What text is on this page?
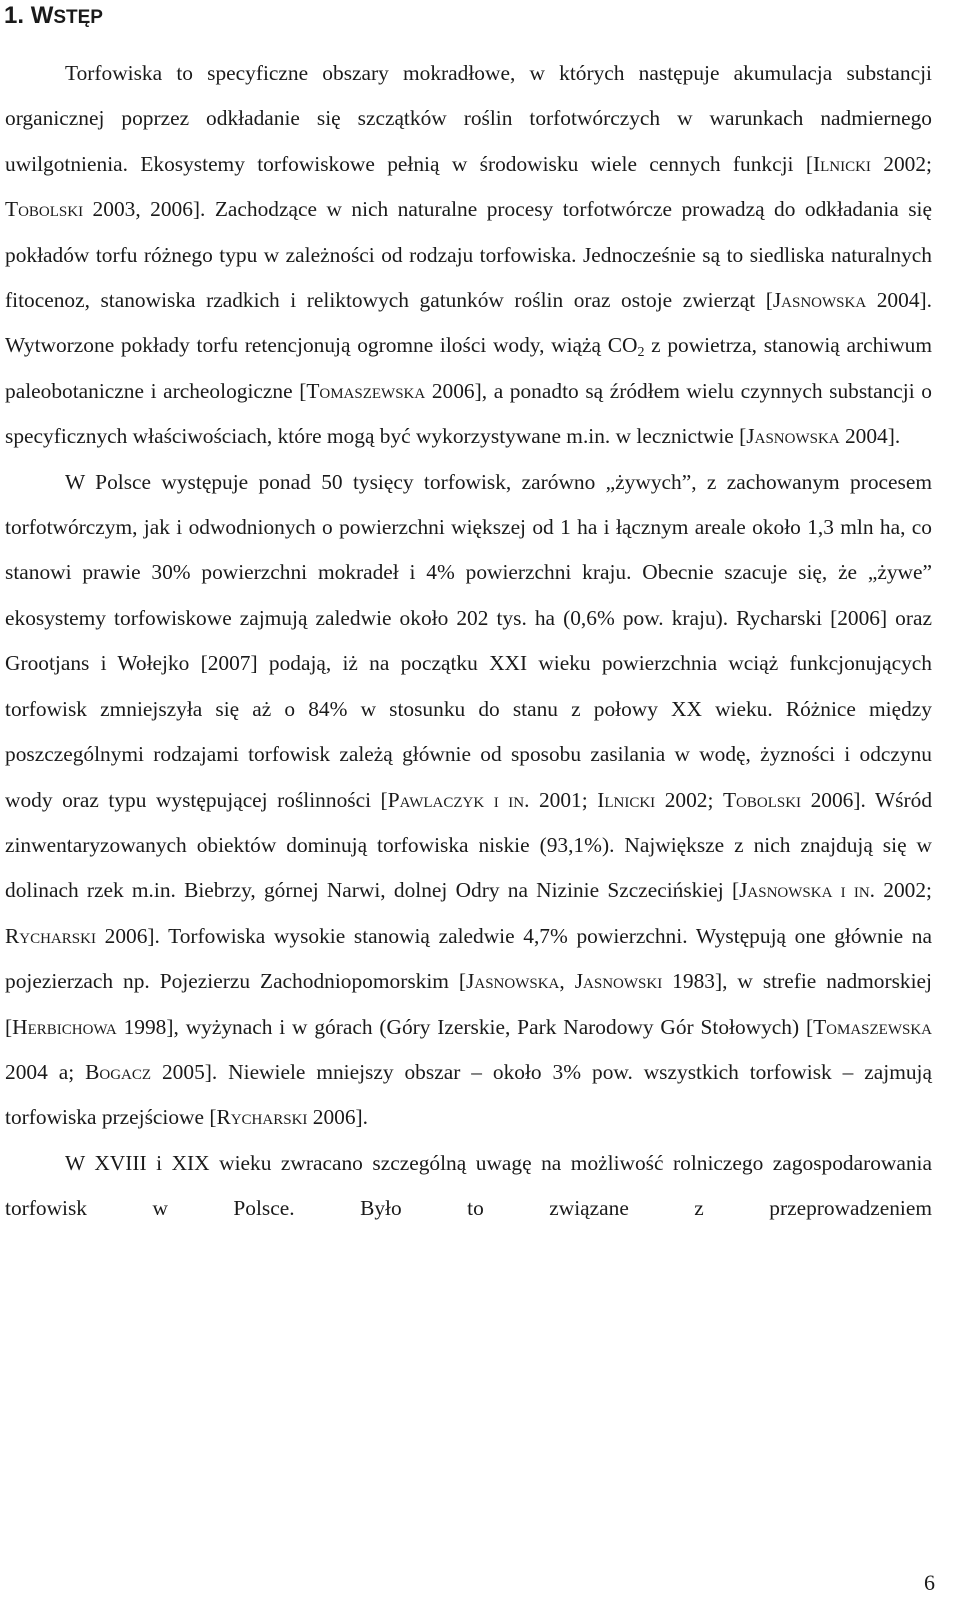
1. WSTĘP

Torfowiska to specyficzne obszary mokradłowe, w których następuje akumulacja substancji organicznej poprzez odkładanie się szczątków roślin torfotwórczych w warunkach nadmiernego uwilgotnienia. Ekosystemy torfowiskowe pełnią w środowisku wiele cennych funkcji [Ilnicki 2002; Tobolski 2003, 2006]. Zachodzące w nich naturalne procesy torfotwórcze prowadzą do odkładania się pokładów torfu różnego typu w zależności od rodzaju torfowiska. Jednocześnie są to siedliska naturalnych fitocenoz, stanowiska rzadkich i reliktowych gatunków roślin oraz ostoje zwierząt [Jasnowska 2004]. Wytworzone pokłady torfu retencjonują ogromne ilości wody, wiążą $CO_2$ z powietrza, stanowią archiwum paleobotaniczne i archeologiczne [Tomaszewska 2006], a ponadto są źródłem wielu czynnych substancji o specyficznych właściwościach, które mogą być wykorzystywane m.in. w lecznictwie [Jasnowska 2004].

W Polsce występuje ponad 50 tysięcy torfowisk, zarówno „żywych”, z zachowanym procesem torfotwórczym, jak i odwodnionych o powierzchni większej od 1 ha i łącznym areale około 1,3 mln ha, co stanowi prawie 30% powierzchni mokradeł i 4% powierzchni kraju. Obecnie szacuje się, że „żywe” ekosystemy torfowiskowe zajmują zaledwie około 202 tys. ha (0,6% pow. kraju). Rycharski [2006] oraz Grootjans i Wołejko [2007] podają, iż na początku XXI wieku powierzchnia wciąż funkcjonujących torfowisk zmniejszyła się aż o 84% w stosunku do stanu z połowy XX wieku. Różnice między poszczególnymi rodzajami torfowisk zależą głównie od sposobu zasilania w wodę, żyzności i odczynu wody oraz typu występującej roślinności [Pawlaczyk i in. 2001; Ilnicki 2002; Tobolski 2006]. Wśród zinwentaryzowanych obiektów dominują torfowiska niskie (93,1%). Największe z nich znajdują się w dolinach rzek m.in. Biebrzy, górnej Narwi, dolnej Odry na Nizinie Szczecińskiej [Jasnowska i in. 2002; Rycharski 2006]. Torfowiska wysokie stanowią zaledwie 4,7% powierzchni. Występują one głównie na pojezierzach np. Pojezierzu Zachodniopomorskim [Jasnowska, Jasnowski 1983], w strefie nadmorskiej [Herbichowa 1998], wyżynach i w górach (Góry Izerskie, Park Narodowy Gór Stołowych) [Tomaszewska 2004 a; Bogacz 2005]. Niewiele mniejszy obszar – około 3% pow. wszystkich torfowisk – zajmują torfowiska przejściowe [Rycharski 2006].

W XVIII i XIX wieku zwracano szczególną uwagę na możliwość rolniczego zagospodarowania torfowisk w Polsce. Było to związane z przeprowadzeniem

6
